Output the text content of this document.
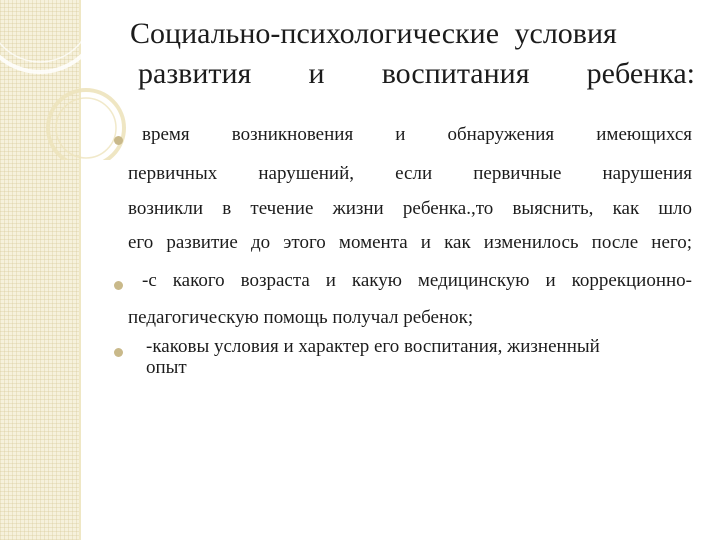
Социально-психологические условия
развития и воспитания ребенка:
время возникновения и обнаружения имеющихся
первичных нарушений, если первичные нарушения
возникли в течение жизни ребенка.,то выяснить, как шло
его развитие до этого момента и как изменилось после него;
-с какого возраста и какую медицинскую и коррекционно-
педагогическую помощь получал ребенок;
-каковы условия и характер его воспитания, жизненный
опыт
